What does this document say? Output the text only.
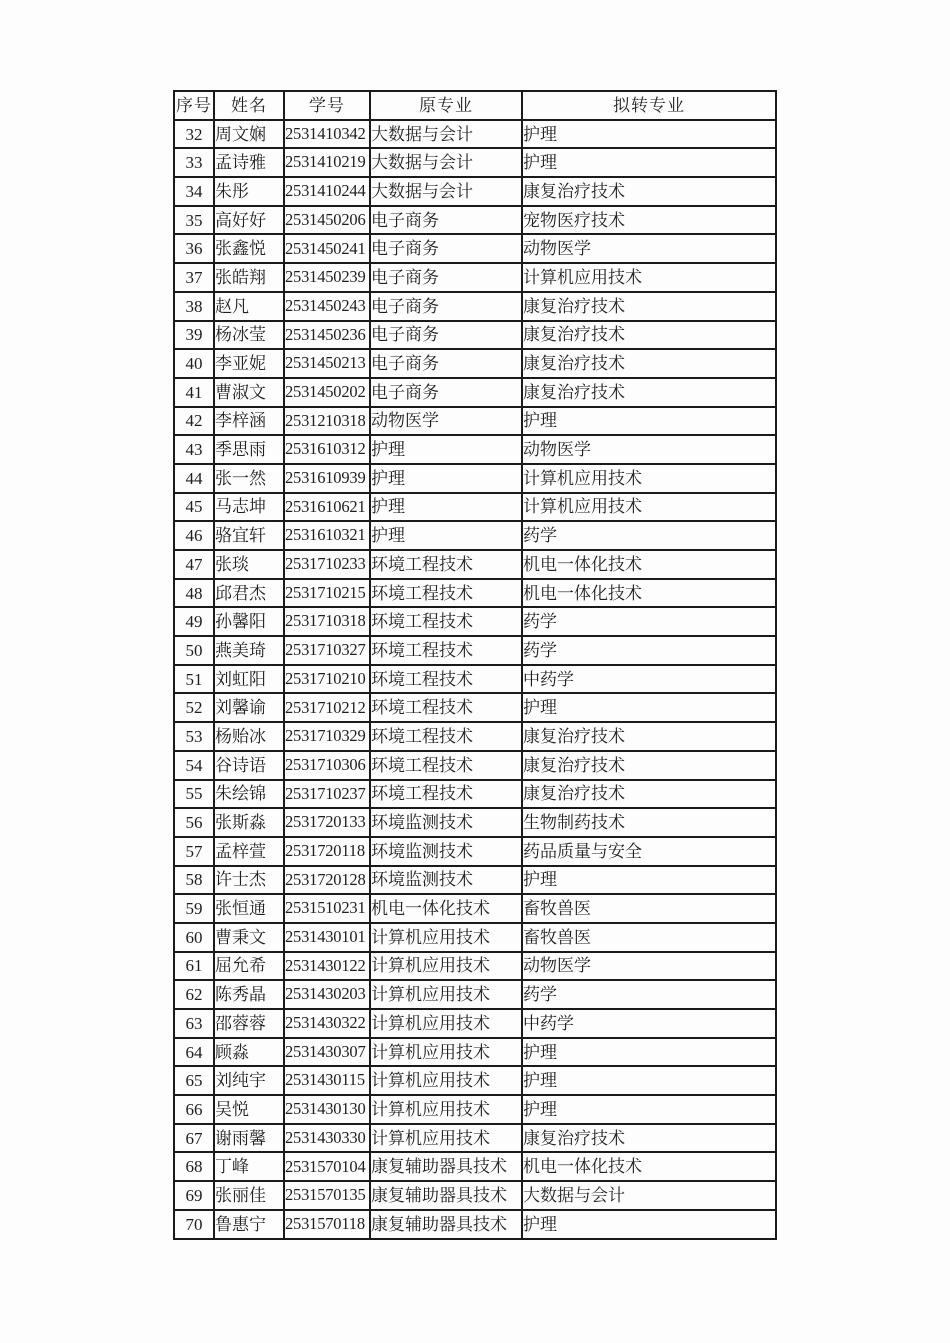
序号	姓名	学号	原专业	拟转专业
32	周文娴	2531410342	大数据与会计	护理
33	孟诗雅	2531410219	大数据与会计	护理
34	朱彤	2531410244	大数据与会计	康复治疗技术
35	高好好	2531450206	电子商务	宠物医疗技术
36	张鑫悦	2531450241	电子商务	动物医学
37	张皓翔	2531450239	电子商务	计算机应用技术
38	赵凡	2531450243	电子商务	康复治疗技术
39	杨冰莹	2531450236	电子商务	康复治疗技术
40	李亚妮	2531450213	电子商务	康复治疗技术
41	曹淑文	2531450202	电子商务	康复治疗技术
42	李梓涵	2531210318	动物医学	护理
43	季思雨	2531610312	护理	动物医学
44	张一然	2531610939	护理	计算机应用技术
45	马志坤	2531610621	护理	计算机应用技术
46	骆宜轩	2531610321	护理	药学
47	张琰	2531710233	环境工程技术	机电一体化技术
48	邱君杰	2531710215	环境工程技术	机电一体化技术
49	孙馨阳	2531710318	环境工程技术	药学
50	燕美琦	2531710327	环境工程技术	药学
51	刘虹阳	2531710210	环境工程技术	中药学
52	刘馨谕	2531710212	环境工程技术	护理
53	杨贻冰	2531710329	环境工程技术	康复治疗技术
54	谷诗语	2531710306	环境工程技术	康复治疗技术
55	朱绘锦	2531710237	环境工程技术	康复治疗技术
56	张斯淼	2531720133	环境监测技术	生物制药技术
57	孟梓萱	2531720118	环境监测技术	药品质量与安全
58	许士杰	2531720128	环境监测技术	护理
59	张恒通	2531510231	机电一体化技术	畜牧兽医
60	曹秉文	2531430101	计算机应用技术	畜牧兽医
61	屈允希	2531430122	计算机应用技术	动物医学
62	陈秀晶	2531430203	计算机应用技术	药学
63	邵蓉蓉	2531430322	计算机应用技术	中药学
64	顾淼	2531430307	计算机应用技术	护理
65	刘纯宇	2531430115	计算机应用技术	护理
66	吴悦	2531430130	计算机应用技术	护理
67	谢雨馨	2531430330	计算机应用技术	康复治疗技术
68	丁峰	2531570104	康复辅助器具技术	机电一体化技术
69	张丽佳	2531570135	康复辅助器具技术	大数据与会计
70	鲁惠宁	2531570118	康复辅助器具技术	护理
